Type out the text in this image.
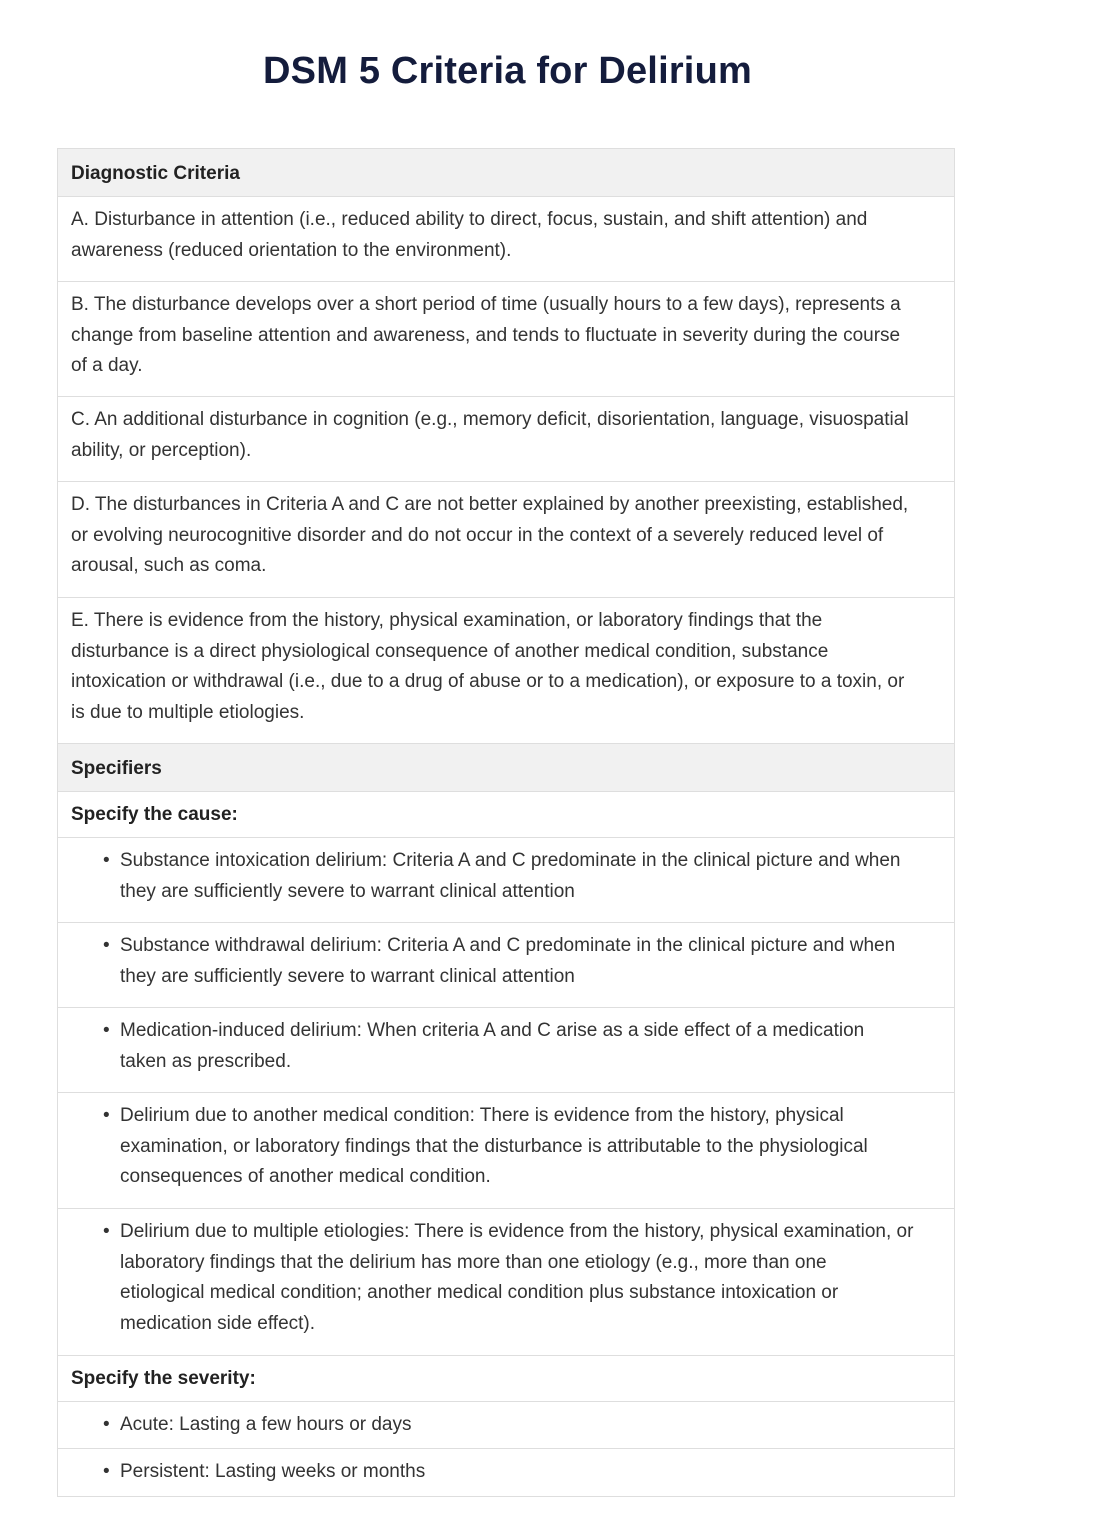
DSM 5 Criteria for Delirium
Diagnostic Criteria
A. Disturbance in attention (i.e., reduced ability to direct, focus, sustain, and shift attention) and awareness (reduced orientation to the environment).
B. The disturbance develops over a short period of time (usually hours to a few days), represents a change from baseline attention and awareness, and tends to fluctuate in severity during the course of a day.
C. An additional disturbance in cognition (e.g., memory deficit, disorientation, language, visuospatial ability, or perception).
D. The disturbances in Criteria A and C are not better explained by another preexisting, established, or evolving neurocognitive disorder and do not occur in the context of a severely reduced level of arousal, such as coma.
E. There is evidence from the history, physical examination, or laboratory findings that the disturbance is a direct physiological consequence of another medical condition, substance intoxication or withdrawal (i.e., due to a drug of abuse or to a medication), or exposure to a toxin, or is due to multiple etiologies.
Specifiers
Specify the cause:
• Substance intoxication delirium: Criteria A and C predominate in the clinical picture and when they are sufficiently severe to warrant clinical attention
• Substance withdrawal delirium: Criteria A and C predominate in the clinical picture and when they are sufficiently severe to warrant clinical attention
• Medication-induced delirium: When criteria A and C arise as a side effect of a medication taken as prescribed.
• Delirium due to another medical condition: There is evidence from the history, physical examination, or laboratory findings that the disturbance is attributable to the physiological consequences of another medical condition.
• Delirium due to multiple etiologies: There is evidence from the history, physical examination, or laboratory findings that the delirium has more than one etiology (e.g., more than one etiological medical condition; another medical condition plus substance intoxication or medication side effect).
Specify the severity:
• Acute: Lasting a few hours or days
• Persistent: Lasting weeks or months
